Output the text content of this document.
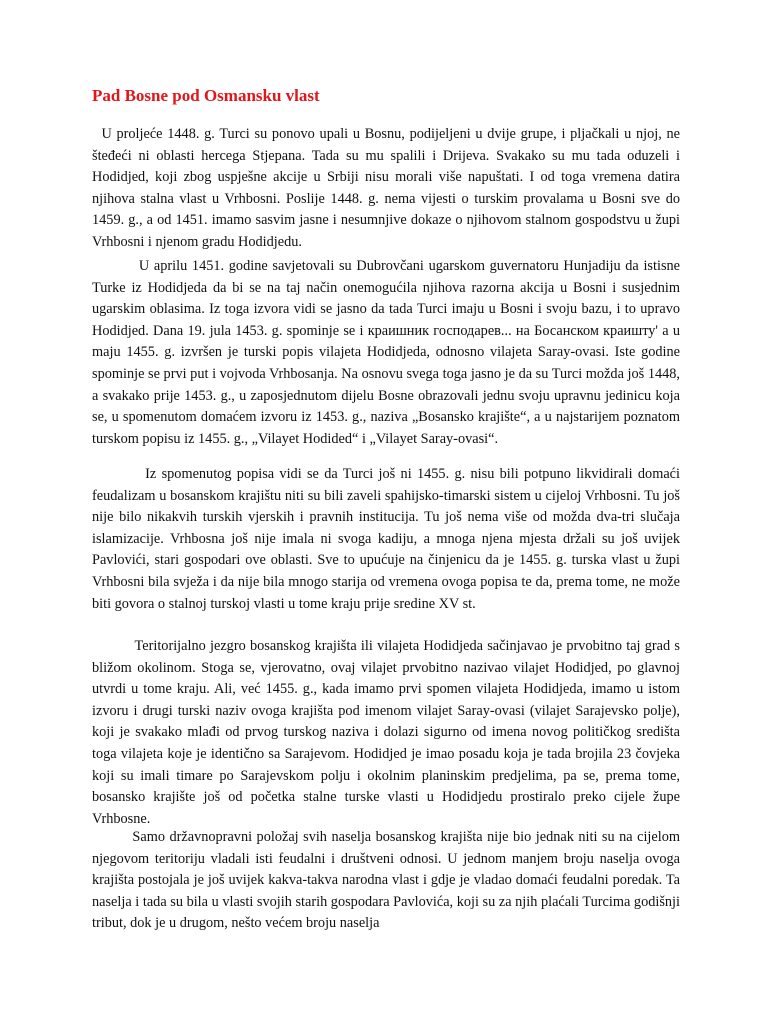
Pad Bosne pod Osmansku vlast

U proljeće 1448. g. Turci su ponovo upali u Bosnu, podijeljeni u dvije grupe, i pljačkali u njoj, ne šteđeći ni oblasti hercega Stjepana. Tada su mu spalili i Drijeva. Svakako su mu tada oduzeli i Hodidjed, koji zbog uspješne akcije u Srbiji nisu morali više napuštati. I od toga vremena datira njihova stalna vlast u Vrhbosni. Poslije 1448. g. nema vijesti o turskim provalama u Bosni sve do 1459. g., a od 1451. imamo sasvim jasne i nesumnjive dokaze o njihovom stalnom gospodstvu u župi Vrhbosni i njenom gradu Hodidjedu.

U aprilu 1451. godine savjetovali su Dubrovčani ugarskom guvernatoru Hunjadiju da istisne Turke iz Hodidjeda da bi se na taj način onemogućila njihova razorna akcija u Bosni i susjednim ugarskim oblasima. Iz toga izvora vidi se jasno da tada Turci imaju u Bosni i svoju bazu, i to upravo Hodidjed. Dana 19. jula 1453. g. spominje se i краишник господарев... на Босанском краишту' a u maju 1455. g. izvršen je turski popis vilajeta Hodidjeda, odnosno vilajeta Saray-ovasi. Iste godine spominje se prvi put i vojvoda Vrhbosanja. Na osnovu svega toga jasno je da su Turci možda još 1448, a svakako prije 1453. g., u zaposjednutom dijelu Bosne obrazovali jednu svoju upravnu jedinicu koja se, u spomenutom domaćem izvoru iz 1453. g., naziva „Bosansko krajište“, a u najstarijem poznatom turskom popisu iz 1455. g., „Vilayet Hodided“ i „Vilayet Saray-ovasi“.

Iz spomenutog popisa vidi se da Turci još ni 1455. g. nisu bili potpuno likvidirali domaći feudalizam u bosanskom krajištu niti su bili zaveli spahijsko-timarski sistem u cijeloj Vrhbosni. Tu još nije bilo nikakvih turskih vjerskih i pravnih institucija. Tu još nema više od možda dva-tri slučaja islamizacije. Vrhbosna još nije imala ni svoga kadiju, a mnoga njena mjesta držali su još uvijek Pavlovići, stari gospodari ove oblasti. Sve to upućuje na činjenicu da je 1455. g. turska vlast u župi Vrhbosni bila svježa i da nije bila mnogo starija od vremena ovoga popisa te da, prema tome, ne može biti govora o stalnoj turskoj vlasti u tome kraju prije sredine XV st.

Teritorijalno jezgro bosanskog krajišta ili vilajeta Hodidjeda sačinjavao je prvobitno taj grad s bližom okolinom. Stoga se, vjerovatno, ovaj vilajet prvobitno nazivao vilajet Hodidjed, po glavnoj utvrdi u tome kraju. Ali, već 1455. g., kada imamo prvi spomen vilajeta Hodidjeda, imamo u istom izvoru i drugi turski naziv ovoga krajišta pod imenom vilajet Saray-ovasi (vilajet Sarajevsko polje), koji je svakako mlađi od prvog turskog naziva i dolazi sigurno od imena novog političkog središta toga vilajeta koje je identično sa Sarajevom. Hodidjed je imao posadu koja je tada brojila 23 čovjeka koji su imali timare po Sarajevskom polju i okolnim planinskim predjelima, pa se, prema tome, bosansko krajište još od početka stalne turske vlasti u Hodidjedu prostiralo preko cijele župe Vrhbosne.

Samo državnopravni položaj svih naselja bosanskog krajišta nije bio jednak niti su na cijelom njegovom teritoriju vladali isti feudalni i društveni odnosi. U jednom manjem broju naselja ovoga krajišta postojala je još uvijek kakva-takva narodna vlast i gdje je vladao domaći feudalni poredak. Ta naselja i tada su bila u vlasti svojih starih gospodara Pavlovića, koji su za njih plaćali Turcima godišnji tribut, dok je u drugom, nešto većem broju naselja
